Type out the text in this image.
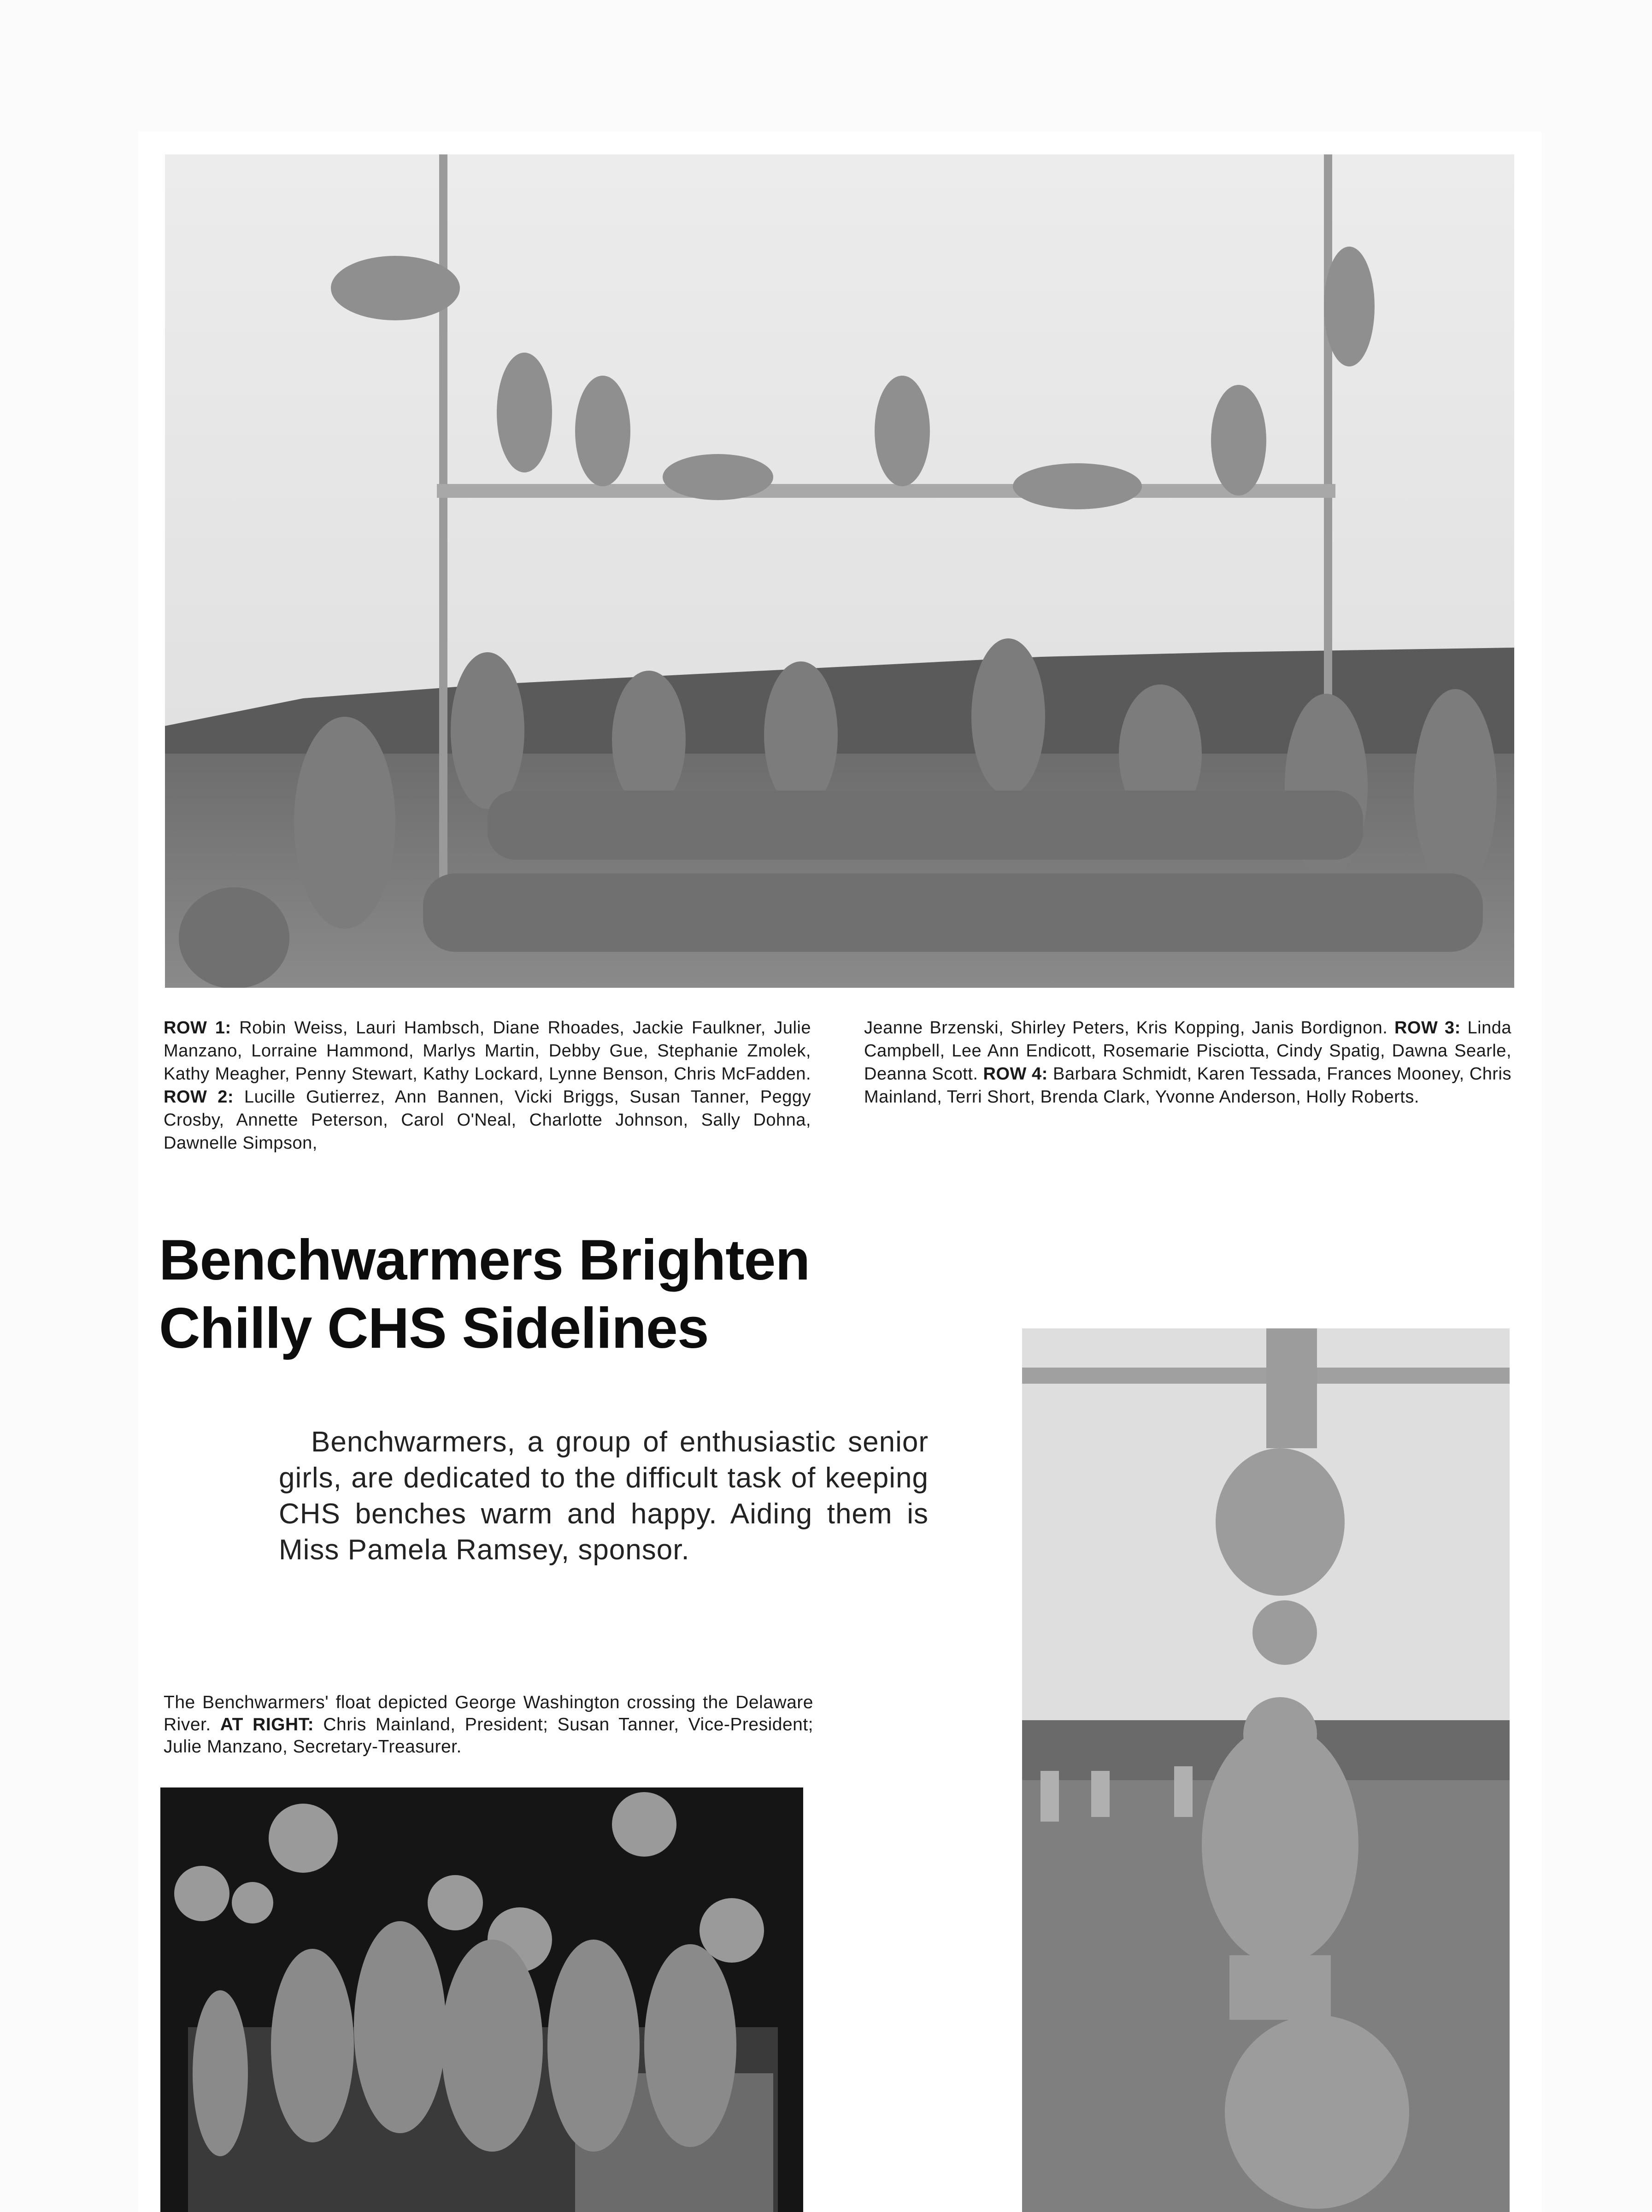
ROW 1: Robin Weiss, Lauri Hambsch, Diane Rhoades, Jackie Faulkner, Julie Manzano, Lorraine Hammond, Marlys Martin, Debby Gue, Stephanie Zmolek, Kathy Meagher, Penny Stewart, Kathy Lockard, Lynne Benson, Chris McFadden. ROW 2: Lucille Gutierrez, Ann Bannen, Vicki Briggs, Susan Tanner, Peggy Crosby, Annette Peterson, Carol O'Neal, Charlotte Johnson, Sally Dohna, Dawnelle Simpson,
Jeanne Brzenski, Shirley Peters, Kris Kopping, Janis Bordignon. ROW 3: Linda Campbell, Lee Ann Endicott, Rosemarie Pisciotta, Cindy Spatig, Dawna Searle, Deanna Scott. ROW 4: Barbara Schmidt, Karen Tessada, Frances Mooney, Chris Mainland, Terri Short, Brenda Clark, Yvonne Anderson, Holly Roberts.
Benchwarmers Brighten
Chilly CHS Sidelines
Benchwarmers, a group of enthusiastic senior girls, are dedicated to the difficult task of keeping CHS benches warm and happy. Aiding them is Miss Pamela Ramsey, sponsor.
The Benchwarmers' float depicted George Washington crossing the Delaware River. AT RIGHT: Chris Mainland, President; Susan Tanner, Vice-President; Julie Manzano, Secretary-Treasurer.
